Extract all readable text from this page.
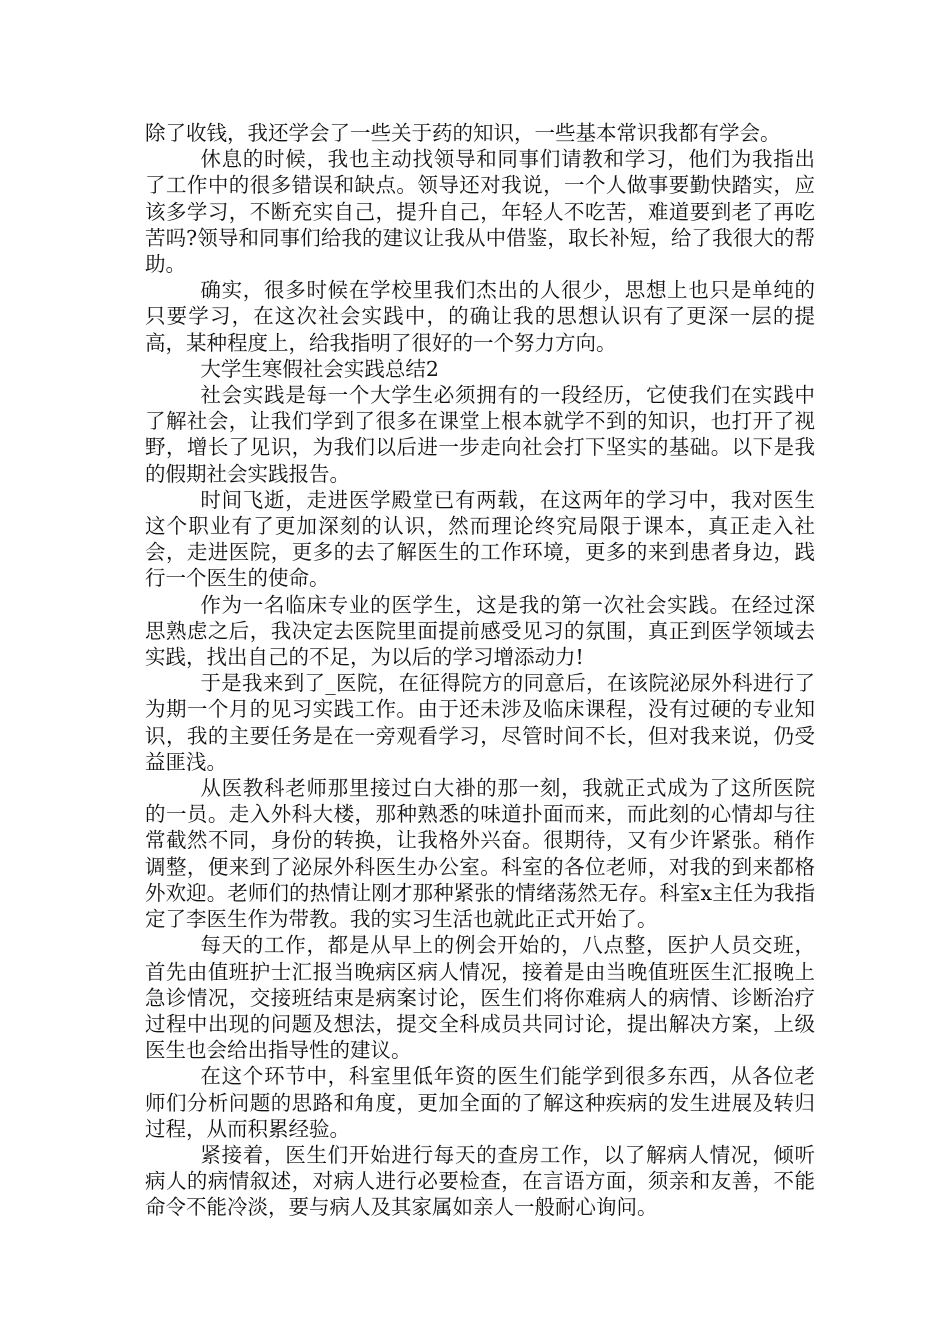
除了收钱，我还学会了一些关于药的知识，一些基本常识我都有学会。

休息的时候，我也主动找领导和同事们请教和学习，他们为我指出了工作中的很多错误和缺点。领导还对我说，一个人做事要勤快踏实，应该多学习，不断充实自己，提升自己，年轻人不吃苦，难道要到老了再吃苦吗?领导和同事们给我的建议让我从中借鉴，取长补短，给了我很大的帮助。

确实，很多时候在学校里我们杰出的人很少，思想上也只是单纯的只要学习，在这次社会实践中，的确让我的思想认识有了更深一层的提高，某种程度上，给我指明了很好的一个努力方向。

大学生寒假社会实践总结2

社会实践是每一个大学生必须拥有的一段经历，它使我们在实践中了解社会，让我们学到了很多在课堂上根本就学不到的知识，也打开了视野，增长了见识，为我们以后进一步走向社会打下坚实的基础。以下是我的假期社会实践报告。

时间飞逝，走进医学殿堂已有两载，在这两年的学习中，我对医生这个职业有了更加深刻的认识，然而理论终究局限于课本，真正走入社会，走进医院，更多的去了解医生的工作环境，更多的来到患者身边，践行一个医生的使命。

作为一名临床专业的医学生，这是我的第一次社会实践。在经过深思熟虑之后，我决定去医院里面提前感受见习的氛围，真正到医学领域去实践，找出自己的不足，为以后的学习增添动力!

于是我来到了_医院，在征得院方的同意后，在该院泌尿外科进行了为期一个月的见习实践工作。由于还未涉及临床课程，没有过硬的专业知识，我的主要任务是在一旁观看学习，尽管时间不长，但对我来说，仍受益匪浅。

从医教科老师那里接过白大褂的那一刻，我就正式成为了这所医院的一员。走入外科大楼，那种熟悉的味道扑面而来，而此刻的心情却与往常截然不同，身份的转换，让我格外兴奋。很期待，又有少许紧张。稍作调整，便来到了泌尿外科医生办公室。科室的各位老师，对我的到来都格外欢迎。老师们的热情让刚才那种紧张的情绪荡然无存。科室x主任为我指定了李医生作为带教。我的实习生活也就此正式开始了。

每天的工作，都是从早上的例会开始的，八点整，医护人员交班，首先由值班护士汇报当晚病区病人情况，接着是由当晚值班医生汇报晚上急诊情况，交接班结束是病案讨论，医生们将你难病人的病情、诊断治疗过程中出现的问题及想法，提交全科成员共同讨论，提出解决方案，上级医生也会给出指导性的建议。

在这个环节中，科室里低年资的医生们能学到很多东西，从各位老师们分析问题的思路和角度，更加全面的了解这种疾病的发生进展及转归过程，从而积累经验。

紧接着，医生们开始进行每天的查房工作，以了解病人情况，倾听病人的病情叙述，对病人进行必要检查，在言语方面，须亲和友善，不能命令不能冷淡，要与病人及其家属如亲人一般耐心询问。
